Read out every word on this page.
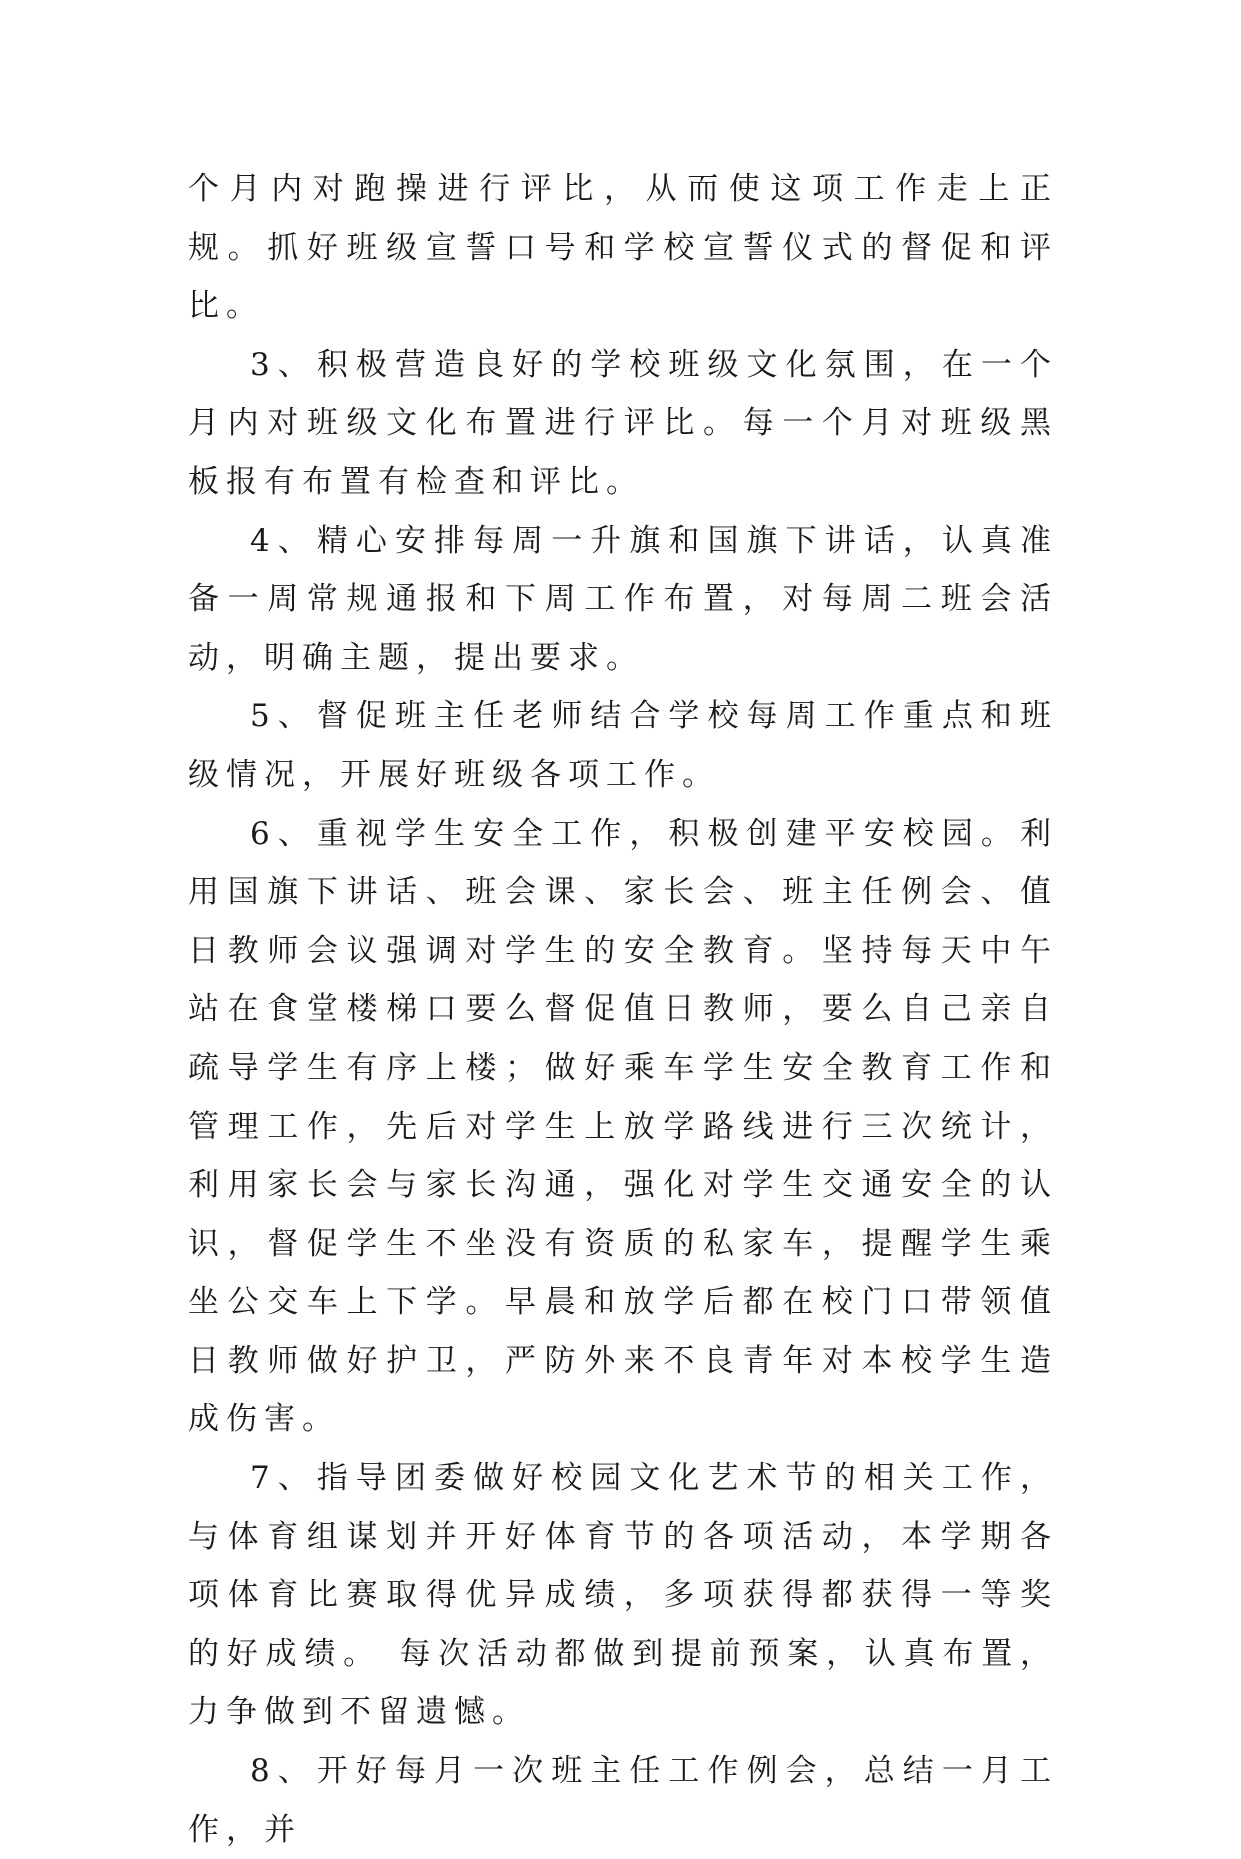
个月内对跑操进行评比，从而使这项工作走上正规。抓好班级宣誓口号和学校宣誓仪式的督促和评比。

3、积极营造良好的学校班级文化氛围，在一个月内对班级文化布置进行评比。每一个月对班级黑板报有布置有检查和评比。

4、精心安排每周一升旗和国旗下讲话，认真准备一周常规通报和下周工作布置，对每周二班会活动，明确主题，提出要求。

5、督促班主任老师结合学校每周工作重点和班级情况，开展好班级各项工作。

6、重视学生安全工作，积极创建平安校园。利用国旗下讲话、班会课、家长会、班主任例会、值日教师会议强调对学生的安全教育。坚持每天中午站在食堂楼梯口要么督促值日教师，要么自己亲自疏导学生有序上楼；做好乘车学生安全教育工作和管理工作，先后对学生上放学路线进行三次统计，利用家长会与家长沟通，强化对学生交通安全的认识，督促学生不坐没有资质的私家车，提醒学生乘坐公交车上下学。早晨和放学后都在校门口带领值日教师做好护卫，严防外来不良青年对本校学生造成伤害。

7、指导团委做好校园文化艺术节的相关工作，与体育组谋划并开好体育节的各项活动，本学期各项体育比赛取得优异成绩，多项获得都获得一等奖的好成绩。 每次活动都做到提前预案，认真布置，力争做到不留遗憾。

8、开好每月一次班主任工作例会，总结一月工作，并
